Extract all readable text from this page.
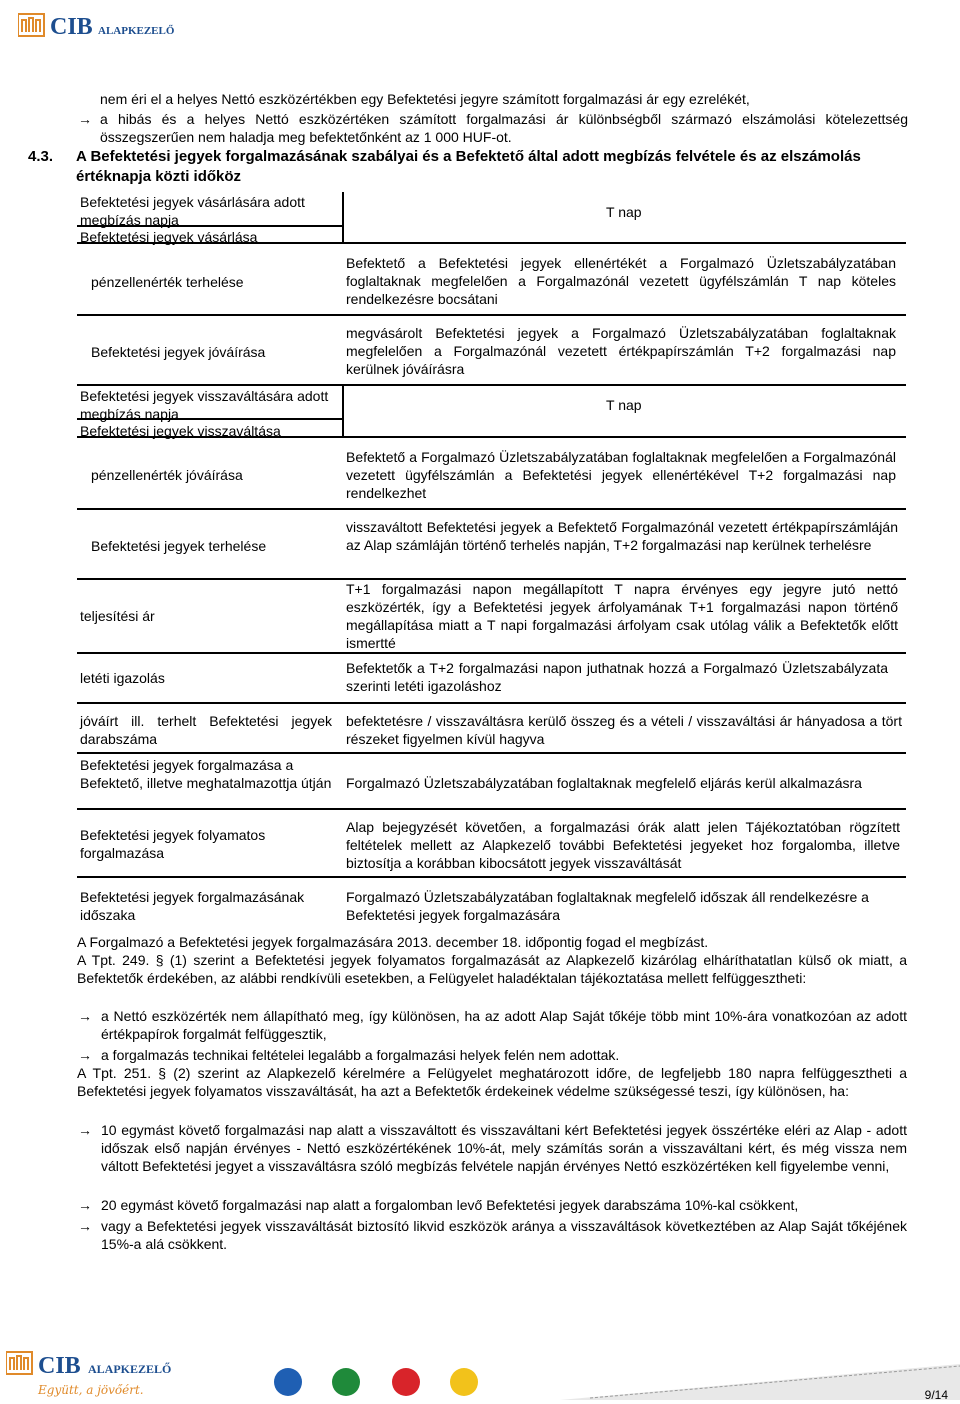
CIB ALAPKEZELŐ
nem éri el a helyes Nettó eszközértékben egy Befektetési jegyre számított forgalmazási ár egy ezrelékét,
→ a hibás és a helyes Nettó eszközértéken számított forgalmazási ár különbségből származó elszámolási kötelezettség összegszerűen nem haladja meg befektetőnként az 1 000 HUF-ot.
4.3. A Befektetési jegyek forgalmazásának szabályai és a Befektető által adott megbízás felvétele és az elszámolás értéknapja közti időköz
Befektetési jegyek vásárlására adott megbízás napja	T nap
Befektetési jegyek vásárlása
pénzellenérték terhelése
Befektető a Befektetési jegyek ellenértékét a Forgalmazó Üzletszabályzatában foglaltaknak megfelelően a Forgalmazónál vezetett ügyfélszámlán T nap köteles rendelkezésre bocsátani
Befektetési jegyek jóváírása
megvásárolt Befektetési jegyek a Forgalmazó Üzletszabályzatában foglaltaknak megfelelően a Forgalmazónál vezetett értékpapírszámlán T+2 forgalmazási nap kerülnek jóváírásra
Befektetési jegyek visszaváltására adott megbízás napja
T nap
Befektetési jegyek visszaváltása
pénzellenérték jóváírása
Befektető a Forgalmazó Üzletszabályzatában foglaltaknak megfelelően a Forgalmazónál vezetett ügyfélszámlán a Befektetési jegyek ellenértékével T+2 forgalmazási nap rendelkezhet
Befektetési jegyek terhelése
visszaváltott Befektetési jegyek a Befektető Forgalmazónál vezetett értékpapírszámláján az Alap számláján történő terhelés napján, T+2 forgalmazási nap kerülnek terhelésre
teljesítési ár
T+1 forgalmazási napon megállapított T napra érvényes egy jegyre jutó nettó eszközérték, így a Befektetési jegyek árfolyamának T+1 forgalmazási napon történő megállapítása miatt a T napi forgalmazási árfolyam csak utólag válik a Befektetők előtt ismertté
letéti igazolás
Befektetők a T+2 forgalmazási napon juthatnak hozzá a Forgalmazó Üzletszabályzata szerinti letéti igazoláshoz
jóváírt ill. terhelt Befektetési jegyek darabszáma
befektetésre / visszaváltásra kerülő összeg és a vételi / visszaváltási ár hányadosa a tört részeket figyelmen kívül hagyva
Befektetési jegyek forgalmazása a Befektető, illetve meghatalmazottja útján Forgalmazó Üzletszabályzatában foglaltaknak megfelelő eljárás kerül alkalmazásra
Befektetési jegyek folyamatos forgalmazása
Alap bejegyzését követően, a forgalmazási órák alatt jelen Tájékoztatóban rögzített feltételek mellett az Alapkezelő további Befektetési jegyeket hoz forgalomba, illetve biztosítja a korábban kibocsátott jegyek visszaváltását
Befektetési jegyek forgalmazásának időszaka
Forgalmazó Üzletszabályzatában foglaltaknak megfelelő időszak áll rendelkezésre a Befektetési jegyek forgalmazására
A Forgalmazó a Befektetési jegyek forgalmazására 2013. december 18. időpontig fogad el megbízást.
A Tpt. 249. § (1) szerint a Befektetési jegyek folyamatos forgalmazását az Alapkezelő kizárólag elháríthatatlan külső ok miatt, a Befektetők érdekében, az alábbi rendkívüli esetekben, a Felügyelet haladéktalan tájékoztatása mellett felfüggesztheti:
→ a Nettó eszközérték nem állapítható meg, így különösen, ha az adott Alap Saját tőkéje több mint 10%-ára vonatkozóan az adott értékpapírok forgalmát felfüggesztik,
→ a forgalmazás technikai feltételei legalább a forgalmazási helyek felén nem adottak.
A Tpt. 251. § (2) szerint az Alapkezelő kérelmére a Felügyelet meghatározott időre, de legfeljebb 180 napra felfüggesztheti a Befektetési jegyek folyamatos visszaváltását, ha azt a Befektetők érdekeinek védelme szükségessé teszi, így különösen, ha:
→ 10 egymást követő forgalmazási nap alatt a visszaváltott és visszaváltani kért Befektetési jegyek összértéke eléri az Alap - adott időszak első napján érvényes - Nettó eszközértékének 10%-át, mely számítás során a visszaváltani kért, és még vissza nem váltott Befektetési jegyet a visszaváltásra szóló megbízás felvétele napján érvényes Nettó eszközértéken kell figyelembe venni,
→ 20 egymást követő forgalmazási nap alatt a forgalomban levő Befektetési jegyek darabszáma 10%-kal csökkent,
→ vagy a Befektetési jegyek visszaváltását biztosító likvid eszközök aránya a visszaváltások következtében az Alap Saját tőkéjének 15%-a alá csökkent.
CIB ALAPKEZELŐ
Együtt, a jövőért.	9/14
